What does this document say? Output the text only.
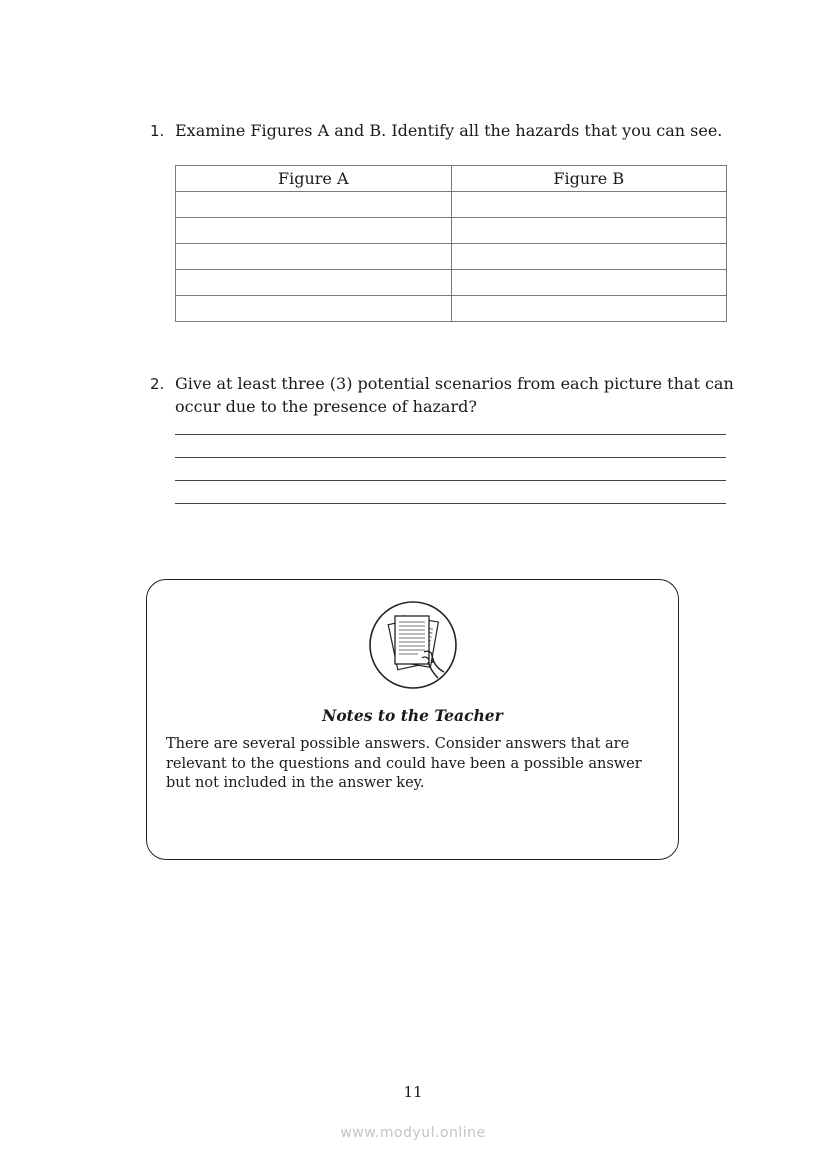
1. Examine Figures A and B. Identify all the hazards that you can see.
Figure A	Figure B

2. Give at least three (3) potential scenarios from each picture that can occur due to the presence of hazard?
Notes to the Teacher
There are several possible answers. Consider answers that are relevant to the questions and could have been a possible answer but not included in the answer key.
11
www.modyul.online
